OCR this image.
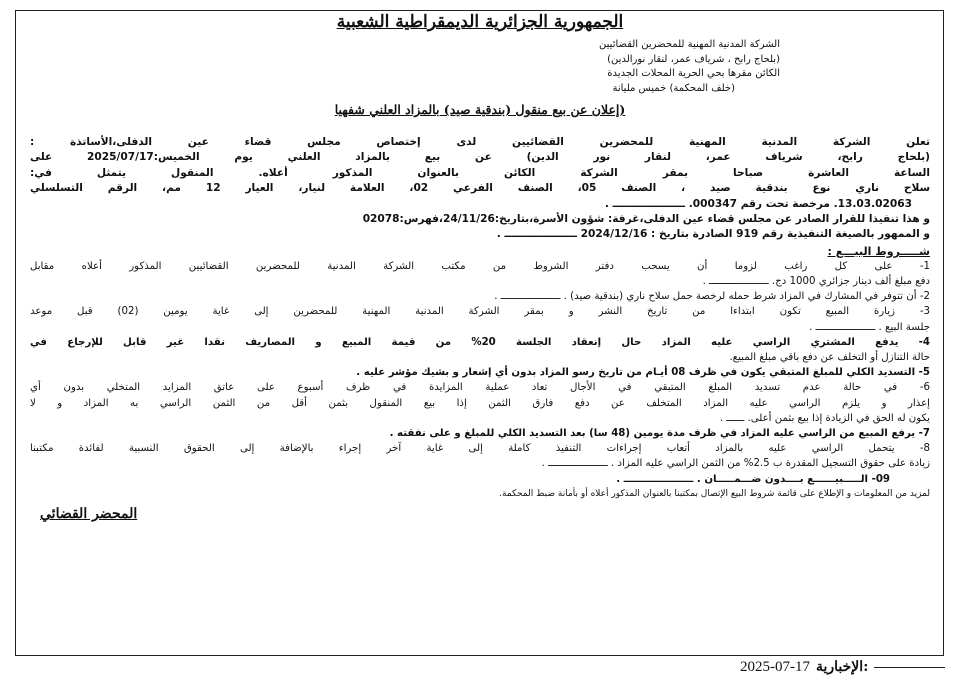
الجمهورية الجزائرية الديمقراطية الشعبية
الشركة المدنية المهنية للمحضرين القضائيين
(بلحاج رابح ، شرياف عمر، لنقار نورالدين)
الكائن مقرها بحي الحرية المحلات الجديدة
(خلف المحكمة) خميس مليانة
(إعلان عن بيع منقول (بندقية صيد) بالمزاد العلني شفهيا
تعلن الشركة المدنية المهنية للمحضرين القضائيين لدى إختصاص مجلس قضاء عين الدفلى،الأساتذة :
(بلحاج رابح، شرياف عمر، لنقار نور الدين) عن بيع بالمزاد العلني يوم الخميس:2025/07/17 على
الساعة العاشرة صباحا بمقر الشركة الكائن بالعنوان المذكور أعلاه. المنقول يتمثل في:
سلاح ناري نوع بندقية صيد ، الصنف 05، الصنف الفرعي 02، العلامة لنيار، العيار 12 مم، الرقم التسلسلي
13.03.02063. مرخصة تحت رقم 000347. ــــــــــــــــــــ .
و هذا تنفيذا للقرار الصادر عن مجلس قضاء عين الدفلى،غرفة: شؤون الأسرة،بتاريخ:24/11/26،فهرس:02078
و الممهور بالصيغة التنفيذية رقم 919 الصادرة بتاريخ : 2024/12/16 ــــــــــــــــــــ .
شـــــروط البيـــع :
1- على كل راغب لزوما أن يسحب دفتر الشروط من مكتب الشركة المدنية للمحضرين القضائيين المذكور أعلاه مقابل
دفع مبلغ ألف دينار جزائري 1000 دج. ــــــــــــــــــــ .
2- أن تتوفر في المشارك في المزاد شرط حمله لرخصة حمل سلاح ناري (بندقية صيد) . ــــــــــــــــــــ .
3- زيارة المبيع تكون ابتداءا من تاريخ النشر و بمقر الشركة المدنية المهنية للمحضرين إلى غاية يومين (02) قبل موعد
جلسة البيع . ــــــــــــــــــــ .
4- يدفع المشتري الراسي عليه المزاد حال إنعقاد الجلسة 20% من قيمة المبيع و المصاريف نقدا غير قابل للإرجاع في
حالة التنازل أو التخلف عن دفع باقي مبلغ المبيع.
5- التسديد الكلي للمبلغ المتبقي يكون في ظرف 08 أيـام من تاريخ رسو المزاد بدون أي إشعار و بشيك مؤشر عليه .
6- في حالة عدم تسديد المبلغ المتبقي في الأجال تعاد عملية المزايدة في ظرف أسبوع على عاتق المزايد المتخلي بدون أي
إعذار و يلزم الراسي عليه المزاد المتخلف عن دفع فارق الثمن إذا بيع المنقول بثمن أقل من الثمن الراسي به المزاد و لا
يكون له الحق في الزيادة إذا بيع بثمن أعلى. ــــــ .
7- يرفع المبيع من الراسي عليه المزاد في ظرف مدة يومين (48 سا) بعد التسديد الكلي للمبلغ و على نفقته .
8- يتحمل الراسي عليه بالمزاد أتعاب إجراءات التنفيذ كاملة إلى غاية آخر إجراء بالإضافة إلى الحقوق النسبية لفائدة مكتبنا
زيادة على حقوق التسجيل المقدرة ب 2.5% من الثمن الراسي عليه المزاد . ــــــــــــــــــــ .
09- الـــــبيــــــع بــــدون ضـــمـــــان . ــــــــــــــــــــ .
لمزيد من المعلومات و الإطلاع على قائمة شروط البيع الإتصال بمكتبنا بالعنوان المذكور أعلاه أو بأمانة ضبط المحكمة.
المحضر القضائي
2025-07-17 الإخبارية:
